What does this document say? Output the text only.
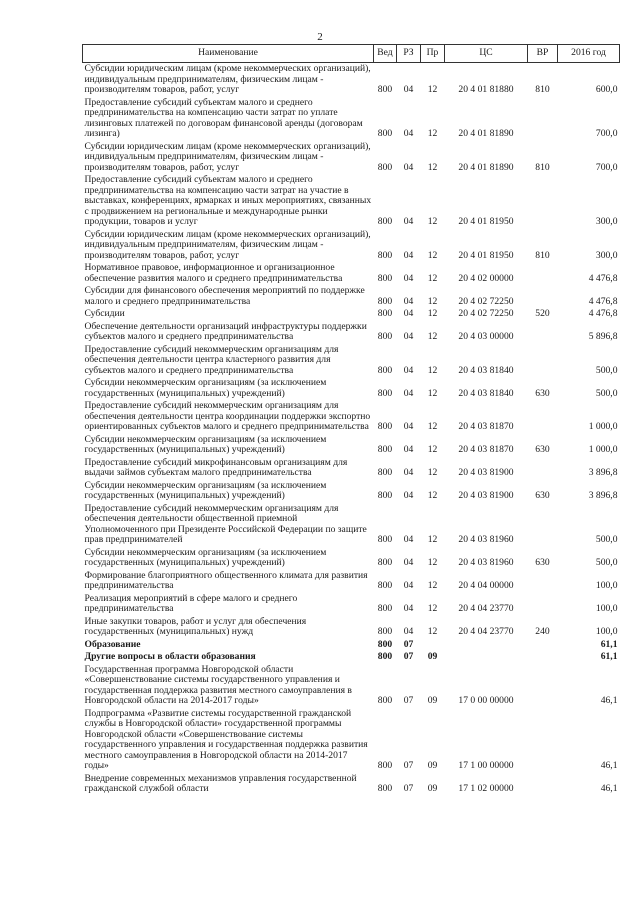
2
Наименование	Вед	РЗ	Пр	ЦС	ВР	2016 год
Субсидии юридическим лицам (кроме некоммерческих организаций), индивидуальным предпринимателям, физическим лицам - производителям товаров, работ, услуг	800	04	12	20 4 01 81880	810	600,0
Предоставление субсидий субъектам малого и среднего предпринимательства на компенсацию части затрат по уплате лизинговых платежей по договорам финансовой аренды (договорам лизинга)	800	04	12	20 4 01 81890		700,0
Субсидии юридическим лицам (кроме некоммерческих организаций), индивидуальным предпринимателям, физическим лицам - производителям товаров, работ, услуг	800	04	12	20 4 01 81890	810	700,0
Предоставление субсидий субъектам малого и среднего предпринимательства на компенсацию части затрат на участие в выставках, конференциях, ярмарках и иных мероприятиях, связанных с продвижением на региональные и международные рынки продукции, товаров и услуг	800	04	12	20 4 01 81950		300,0
Субсидии юридическим лицам (кроме некоммерческих организаций), индивидуальным предпринимателям, физическим лицам - производителям товаров, работ, услуг	800	04	12	20 4 01 81950	810	300,0
Нормативное правовое, информационное и организационное обеспечение развития малого и среднего предпринимательства	800	04	12	20 4 02 00000		4 476,8
Субсидии для финансового обеспечения мероприятий по поддержке малого и среднего предпринимательства	800	04	12	20 4 02 72250		4 476,8
Субсидии	800	04	12	20 4 02 72250	520	4 476,8
Обеспечение деятельности организаций инфраструктуры поддержки субъектов малого и среднего предпринимательства	800	04	12	20 4 03 00000		5 896,8
Предоставление субсидий некоммерческим организациям для обеспечения деятельности центра кластерного развития для субъектов малого и среднего предпринимательства	800	04	12	20 4 03 81840		500,0
Субсидии некоммерческим организациям (за исключением государственных (муниципальных) учреждений)	800	04	12	20 4 03 81840	630	500,0
Предоставление субсидий некоммерческим организациям для обеспечения деятельности центра координации поддержки экспортно ориентированных субъектов малого и среднего предпринимательства	800	04	12	20 4 03 81870		1 000,0
Субсидии некоммерческим организациям (за исключением государственных (муниципальных) учреждений)	800	04	12	20 4 03 81870	630	1 000,0
Предоставление субсидий микрофинансовым организациям для выдачи займов субъектам малого предпринимательства	800	04	12	20 4 03 81900		3 896,8
Субсидии некоммерческим организациям (за исключением государственных (муниципальных) учреждений)	800	04	12	20 4 03 81900	630	3 896,8
Предоставление субсидий некоммерческим организациям для обеспечения деятельности общественной приемной Уполномоченного при Президенте Российской Федерации по защите прав предпринимателей	800	04	12	20 4 03 81960		500,0
Субсидии некоммерческим организациям (за исключением государственных (муниципальных) учреждений)	800	04	12	20 4 03 81960	630	500,0
Формирование благоприятного общественного климата для развития предпринимательства	800	04	12	20 4 04 00000		100,0
Реализация мероприятий в сфере малого и среднего предпринимательства	800	04	12	20 4 04 23770		100,0
Иные закупки товаров, работ и услуг для обеспечения государственных (муниципальных) нужд	800	04	12	20 4 04 23770	240	100,0
Образование	800	07				61,1
Другие вопросы в области образования	800	07	09			61,1
Государственная программа Новгородской области «Совершенствование системы государственного управления и государственная поддержка развития местного самоуправления в Новгородской области на 2014-2017 годы»	800	07	09	17 0 00 00000		46,1
Подпрограмма «Развитие системы государственной гражданской службы в Новгородской области» государственной программы Новгородской области «Совершенствование системы государственного управления и государственная поддержка развития местного самоуправления в Новгородской области на 2014-2017 годы»	800	07	09	17 1 00 00000		46,1
Внедрение современных механизмов управления государственной гражданской службой области	800	07	09	17 1 02 00000		46,1
